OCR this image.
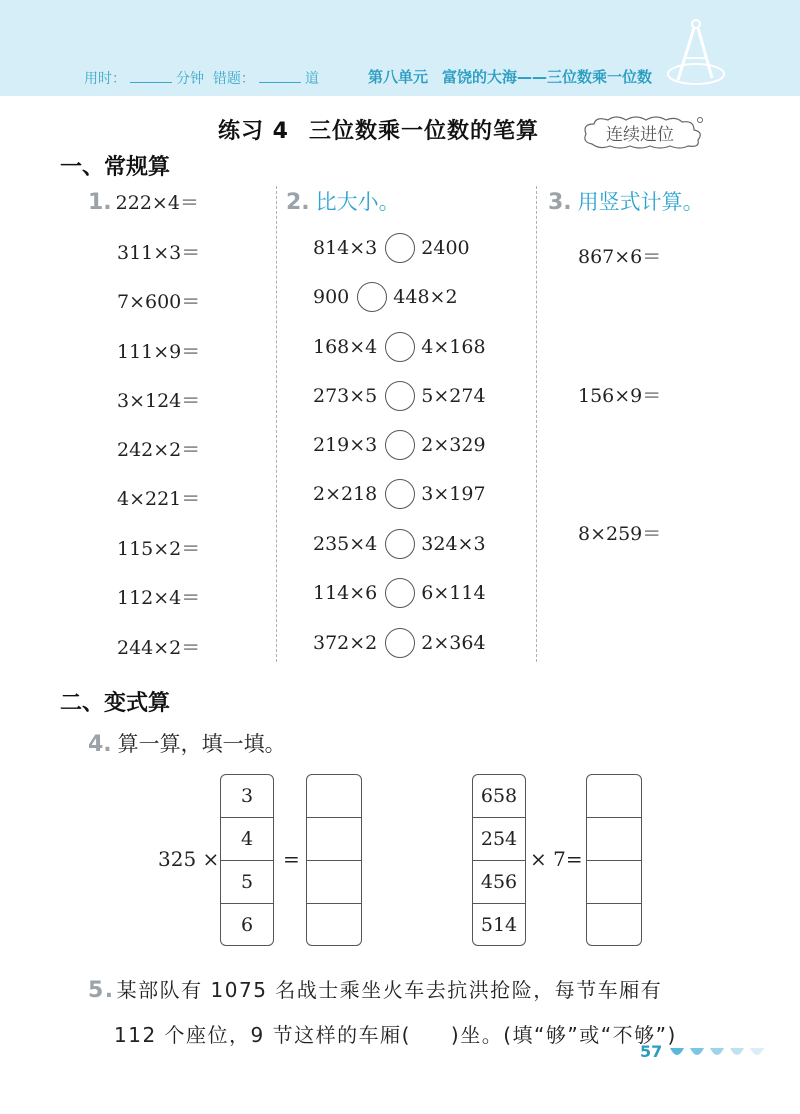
用时：	分钟 错题：	道	第八单元 富饶的大海——三位数乘一位数
练习 4 三位数乘一位数的笔算	连续进位
一、常规算
1. 222×4＝
311×3＝
7×600＝
111×9＝
3×124＝
242×2＝
4×221＝
115×2＝
112×4＝
244×2＝
2. 比大小。
814×3 2400
900 448×2
168×4 4×168
273×5 5×274
219×3 2×329
2×218 3×197
235×4 324×3
114×6 6×114
372×2 2×364
3. 用竖式计算。
867×6＝
156×9＝
8×259＝
二、变式算
4. 算一算，填一填。
325 ×
3
4
5
6
=
658
254
456
514
× 7=
5. 某部队有 1075 名战士乘坐火车去抗洪抢险，每节车厢有
112 个座位，9 节这样的车厢( )坐。(填“够”或“不够”)
57
